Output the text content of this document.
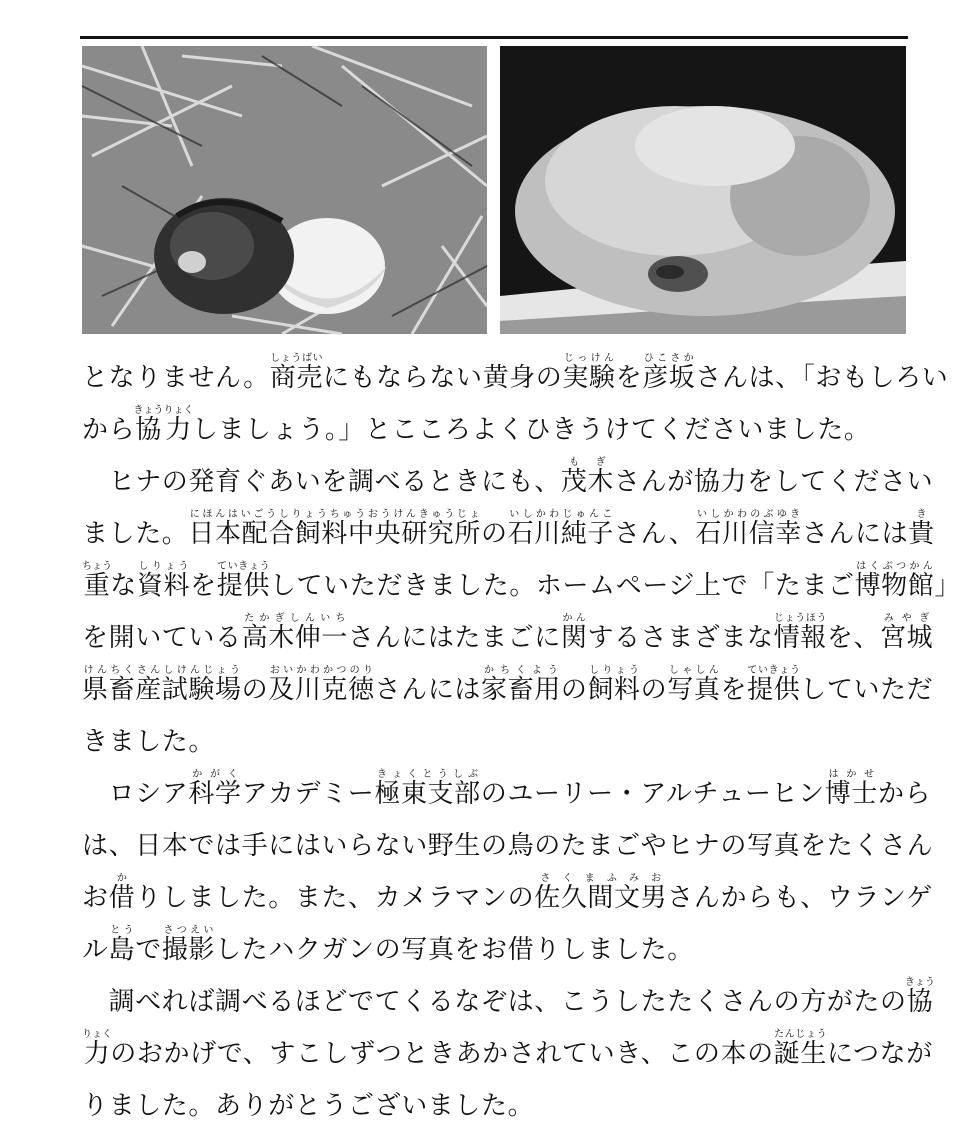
となりません。商売しょうばいにもならない黄身の実験じっけんを彦坂ひこさかさんは、「おもしろい
から協力きょうりょくしましょう。」とこころよくひきうけてくださいました。
　ヒナの発育ぐあいを調べるときにも、茂木もぎさんが協力をしてください
ました。日本配合飼料中央研究所にほんはいごうしりょうちゅうおうけんきゅうじょの石川純子いしかわじゅんこさん、石川信幸いしかわのぶゆきさんには貴き
重ちょうな資料しりょうを提供ていきょうしていただきました。ホームページ上で「たまご博物館はくぶつかん」
を開いている高木伸一たかぎしんいちさんにはたまごに関かんするさまざまな情報じょうほうを、宮城みやぎ
県畜産試験場けんちくさんしけんじょうの及川克徳おいかわかつのりさんには家畜用かちくようの飼料しりょうの写真しゃしんを提供ていきょうしていただ
きました。
　ロシア科学かがくアカデミー極東支部きょくとうしぶのユーリー・アルチューヒン博士はかせから
は、日本では手にはいらない野生の鳥のたまごやヒナの写真をたくさん
お借かりしました。また、カメラマンの佐久間文男さくまふみおさんからも、ウランゲ
ル島とうで撮影さつえいしたハクガンの写真をお借りしました。
　調べれば調べるほどでてくるなぞは、こうしたたくさんの方がたの協きょう
力りょくのおかげで、すこしずつときあかされていき、この本の誕生たんじょうにつなが
りました。ありがとうございました。
